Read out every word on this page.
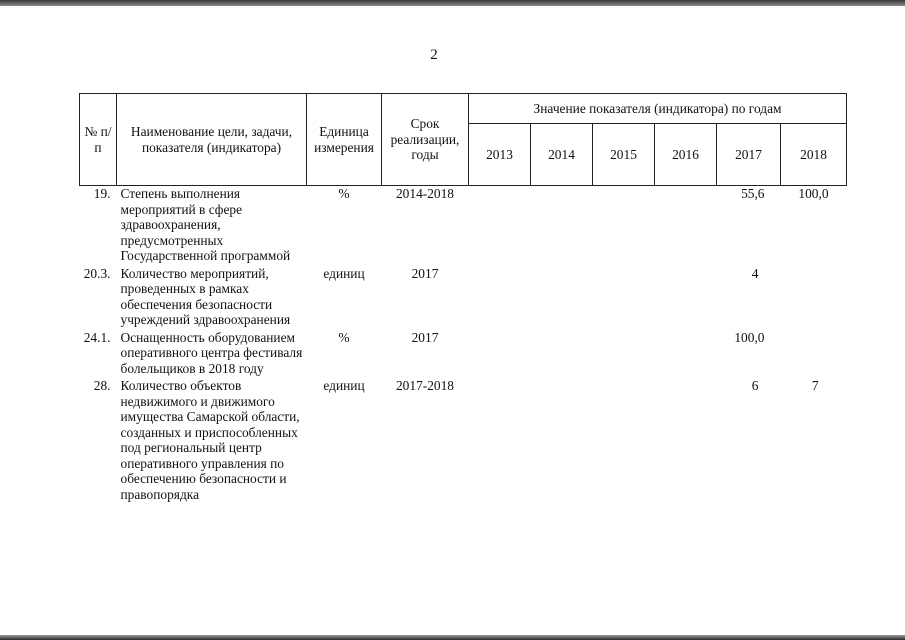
2
№ п/п	Наименование цели, задачи, показателя (индикатора)	Единица измерения	Срок реализации, годы	Значение показателя (индикатора) по годам					
				2013	2014	2015	2016	2017	2018
19.	Степень выполнения мероприятий в сфере здравоохранения, предусмотренных Государственной программой	%	2014-2018					55,6	100,0
20.3.	Количество мероприятий, проведенных в рамках обеспечения безопасности учреждений здравоохранения	единиц	2017					4	
24.1.	Оснащенность оборудованием оперативного центра фестиваля болельщиков в 2018 году	%	2017					100,0	
28.	Количество объектов недвижимого и движимого имущества Самарской области, созданных и приспособленных под региональный центр оперативного управления по обеспечению безопасности и правопорядка	единиц	2017-2018					6	7
